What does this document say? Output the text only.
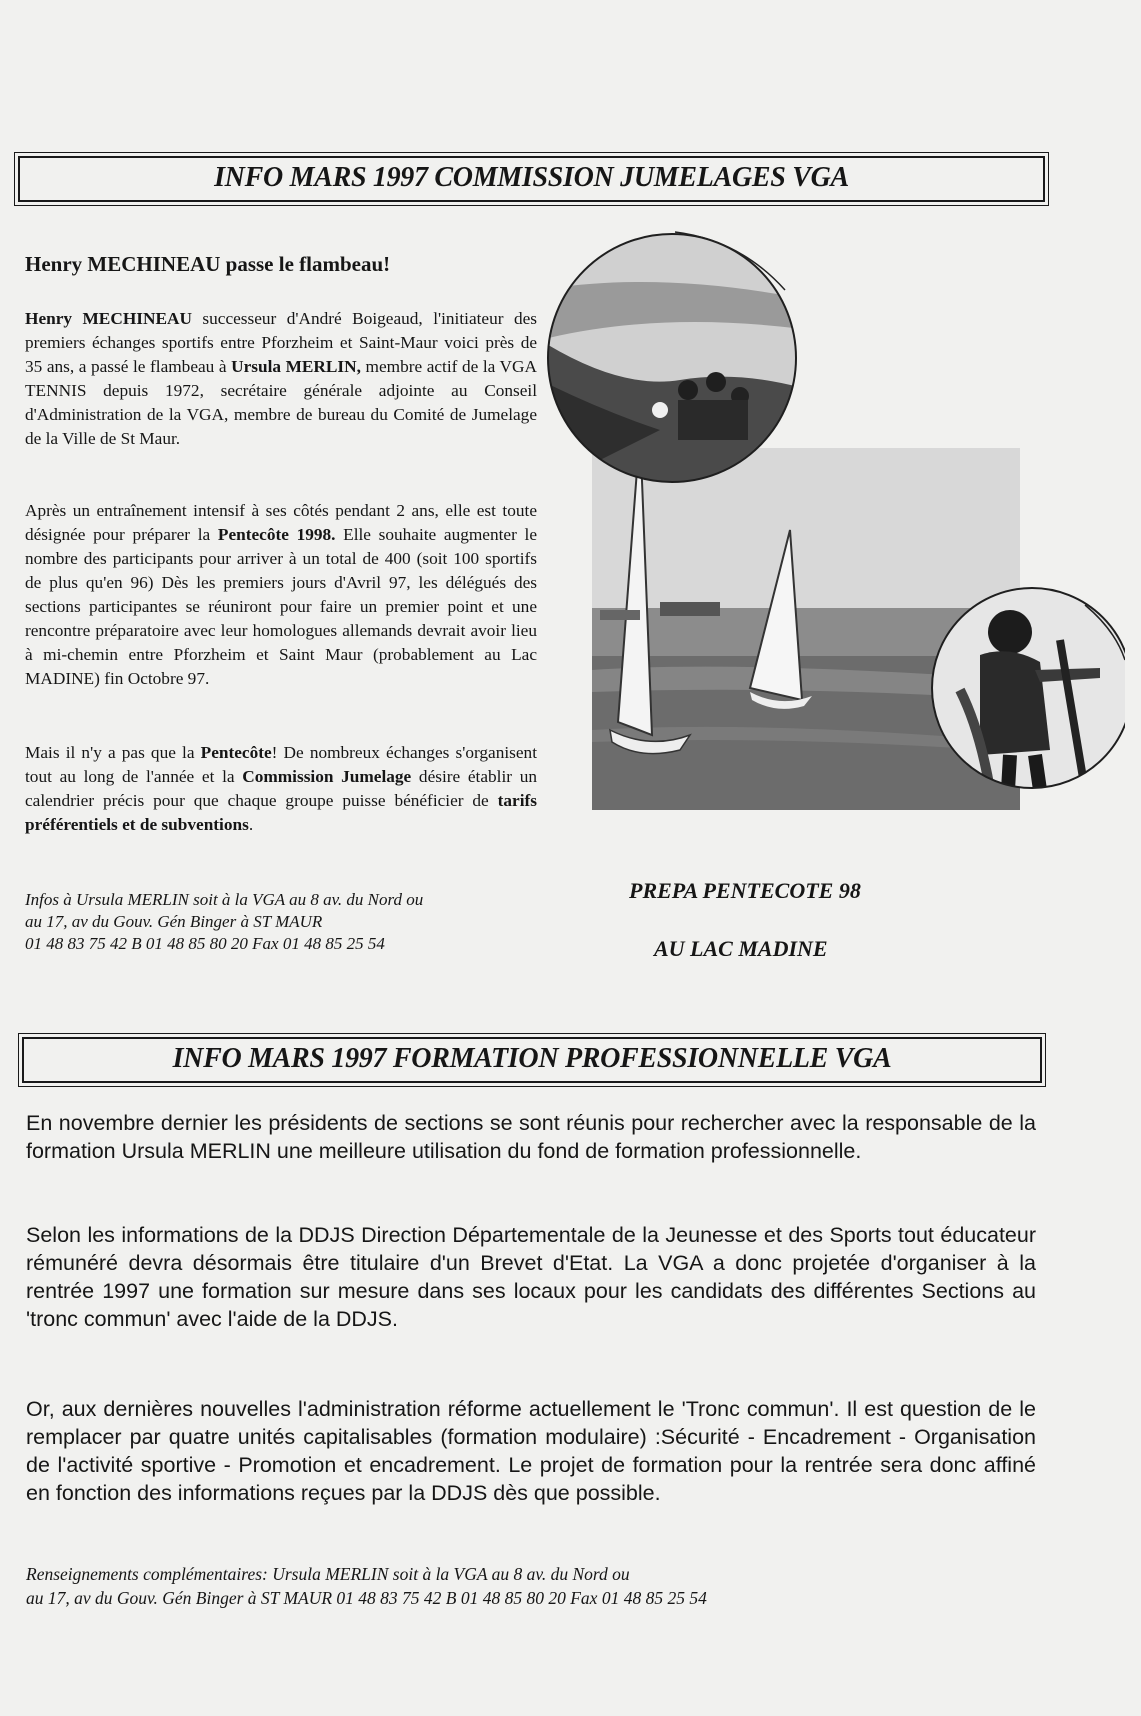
INFO MARS 1997 COMMISSION JUMELAGES VGA
Henry MECHINEAU passe le flambeau!

Henry MECHINEAU successeur d'André Boigeaud, l'initiateur des premiers échanges sportifs entre Pforzheim et Saint-Maur voici près de 35 ans, a passé le flambeau à Ursula MERLIN, membre actif de la VGA TENNIS depuis 1972, secrétaire générale adjointe au Conseil d'Administration de la VGA, membre de bureau du Comité de Jumelage de la Ville de St Maur.

Après un entraînement intensif à ses côtés pendant 2 ans, elle est toute désignée pour préparer la Pentecôte 1998. Elle souhaite augmenter le nombre des participants pour arriver à un total de 400 (soit 100 sportifs de plus qu'en 96) Dès les premiers jours d'Avril 97, les délégués des sections participantes se réuniront pour faire un premier point et une rencontre préparatoire avec leur homologues allemands devrait avoir lieu à mi-chemin entre Pforzheim et Saint Maur (probablement au Lac MADINE) fin Octobre 97.

Mais il n'y a pas que la Pentecôte! De nombreux échanges s'organisent tout au long de l'année et la Commission Jumelage désire établir un calendrier précis pour que chaque groupe puisse bénéficier de tarifs préférentiels et de subventions.

Infos à Ursula MERLIN soit à la VGA au 8 av. du Nord ou
au 17, av du Gouv. Gén Binger à ST MAUR
01 48 83 75 42 B 01 48 85 80 20 Fax 01 48 85 25 54
PREPA PENTECOTE 98
AU LAC MADINE
INFO MARS 1997 FORMATION PROFESSIONNELLE VGA

En novembre dernier les présidents de sections se sont réunis pour rechercher avec la responsable de la formation Ursula MERLIN une meilleure utilisation du fond de formation professionnelle.

Selon les informations de la DDJS Direction Départementale de la Jeunesse et des Sports tout éducateur rémunéré devra désormais être titulaire d'un Brevet d'Etat. La VGA a donc projetée d'organiser à la rentrée 1997 une formation sur mesure dans ses locaux pour les candidats des différentes Sections au 'tronc commun' avec l'aide de la DDJS.

Or, aux dernières nouvelles l'administration réforme actuellement le 'Tronc commun'. Il est question de le remplacer par quatre unités capitalisables (formation modulaire) :Sécurité - Encadrement - Organisation de l'activité sportive - Promotion et encadrement. Le projet de formation pour la rentrée sera donc affiné en fonction des informations reçues par la DDJS dès que possible.

Renseignements complémentaires: Ursula MERLIN soit à la VGA au 8 av. du Nord ou
au 17, av du Gouv. Gén Binger à ST MAUR 01 48 83 75 42 B 01 48 85 80 20 Fax 01 48 85 25 54
